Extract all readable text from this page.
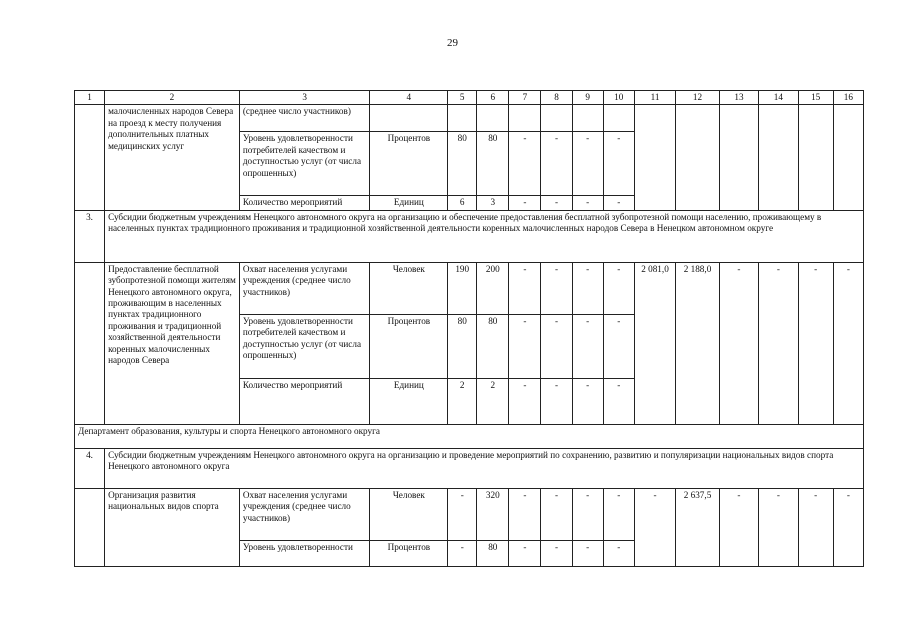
29
1	2	3	4	5	6	7	8	9	10	11	12	13	14	15	16
	малочисленных народов Севера на проезд к месту получения дополнительных платных медицинских услуг	(среднее число участников)													
		Уровень удовлетворенности потребителей качеством и доступностью услуг (от числа опрошенных)	Процентов	80	80	-	-	-	-						
		Количество мероприятий	Единиц	6	3	-	-	-	-						
3.	Субсидии бюджетным учреждениям Ненецкого автономного округа на организацию и обеспечение предоставления бесплатной зубопротезной помощи населению, проживающему в населенных пунктах традиционного проживания и традиционной хозяйственной деятельности коренных малочисленных народов Севера в Ненецком автономном округе														
	Предоставление бесплатной зубопротезной помощи жителям Ненецкого автономного округа, проживающим в населенных пунктах традиционного проживания и традиционной хозяйственной деятельности коренных малочисленных народов Севера	Охват населения услугами учреждения (среднее число участников)	Человек	190	200	-	-	-	-	2 081,0	2 188,0	-	-	-	-
		Уровень удовлетворенности потребителей качеством и доступностью услуг (от числа опрошенных)	Процентов	80	80	-	-	-	-						
		Количество мероприятий	Единиц	2	2	-	-	-	-						
Департамент образования, культуры и спорта Ненецкого автономного округа															
4.	Субсидии бюджетным учреждениям Ненецкого автономного округа на организацию и проведение мероприятий по сохранению, развитию и популяризации национальных видов спорта Ненецкого автономного округа														
	Организация развития национальных видов спорта	Охват населения услугами учреждения (среднее число участников)	Человек	-	320	-	-	-	-	-	2 637,5	-	-	-	-
		Уровень удовлетворенности	Процентов	-	80	-	-	-	-						
